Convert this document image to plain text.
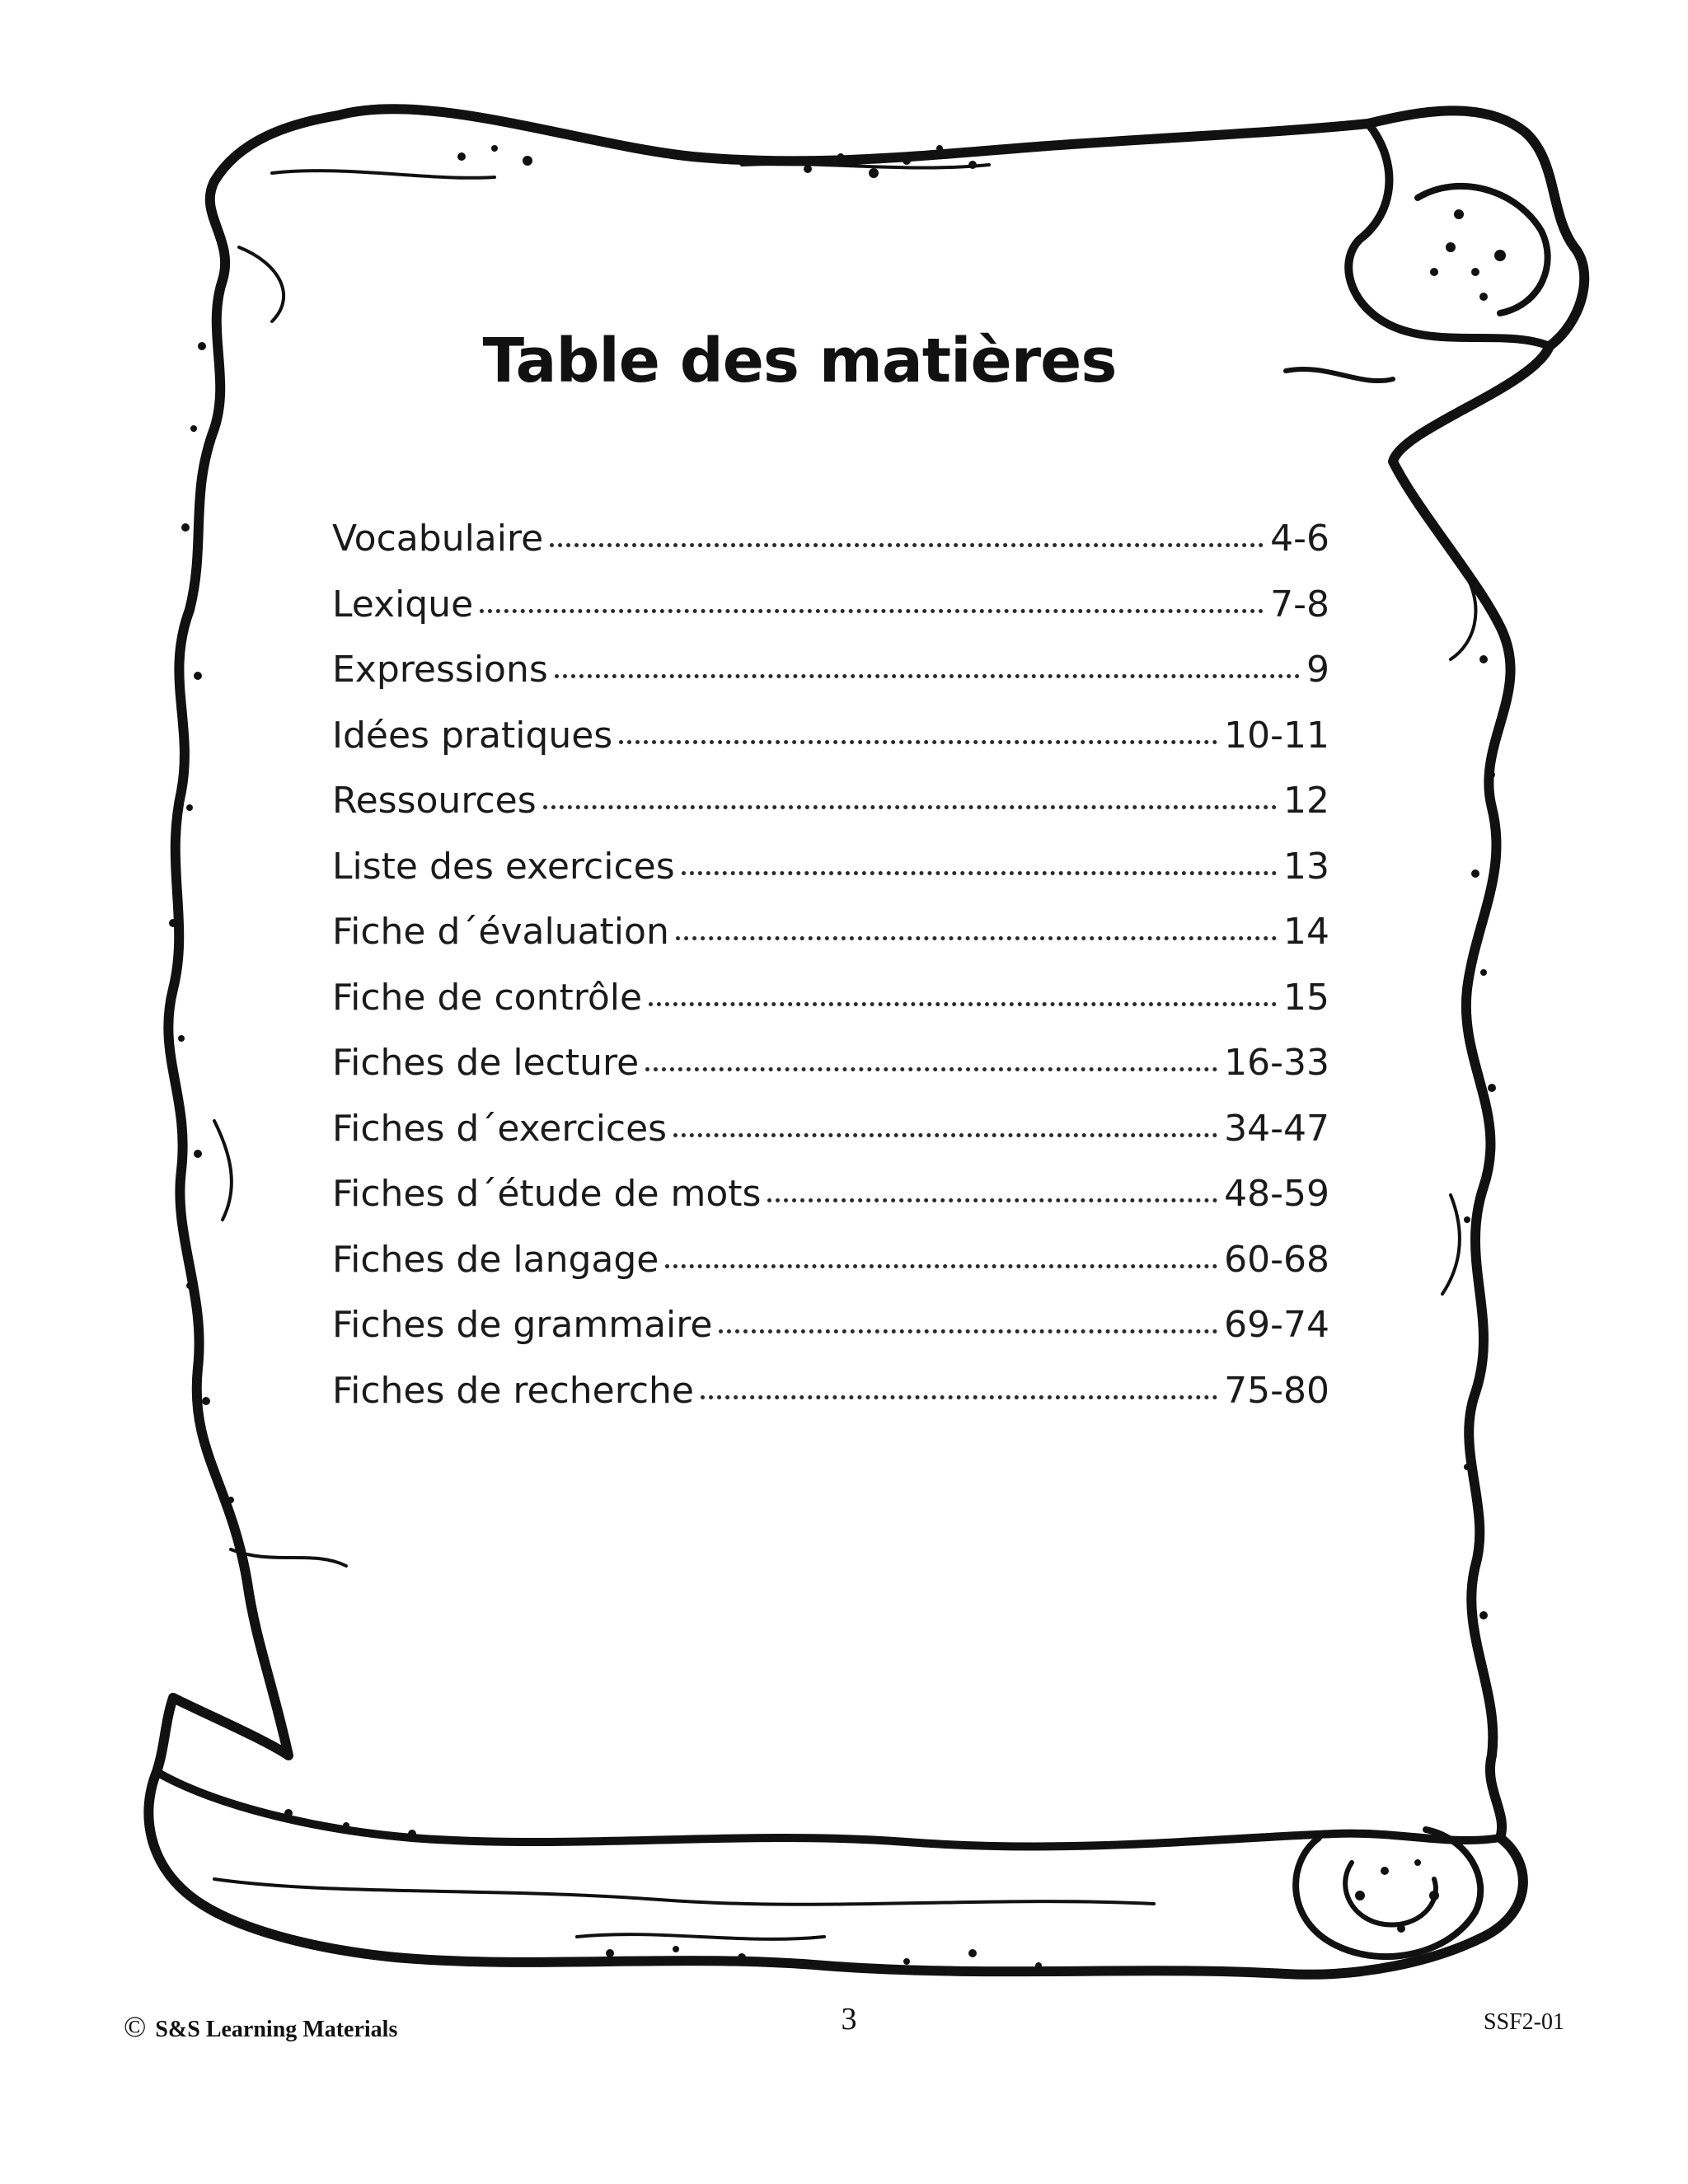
Table des matières
Vocabulaire	4-6
Lexique	7-8
Expressions	9
Idées pratiques	10-11
Ressources	12
Liste des exercices	13
Fiche d´évaluation	14
Fiche de contrôle	15
Fiches de lecture	16-33
Fiches d´exercices	34-47
Fiches d´étude de mots	48-59
Fiches de langage	60-68
Fiches de grammaire	69-74
Fiches de recherche	75-80
© S&S Learning Materials	3	SSF2-01
